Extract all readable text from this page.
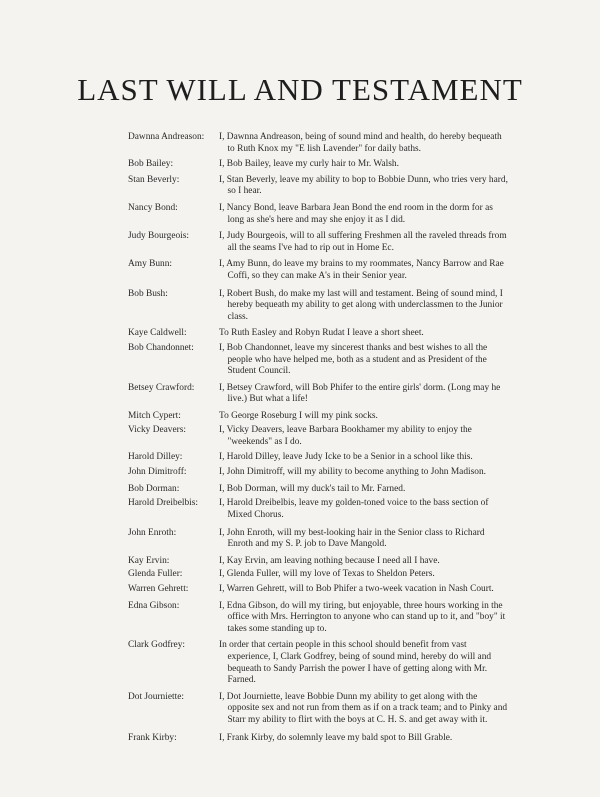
LAST WILL AND TESTAMENT
Dawnna Andreason:	I, Dawnna Andreason, being of sound mind and health, do hereby bequeath to Ruth Knox my "E lish Lavender" for daily baths.
Bob Bailey:	I, Bob Bailey, leave my curly hair to Mr. Walsh.
Stan Beverly:	I, Stan Beverly, leave my ability to bop to Bobbie Dunn, who tries very hard, so I hear.
Nancy Bond:	I, Nancy Bond, leave Barbara Jean Bond the end room in the dorm for as long as she's here and may she enjoy it as I did.
Judy Bourgeois:	I, Judy Bourgeois, will to all suffering Freshmen all the raveled threads from all the seams I've had to rip out in Home Ec.
Amy Bunn:	I, Amy Bunn, do leave my brains to my roommates, Nancy Barrow and Rae Coffi, so they can make A's in their Senior year.
Bob Bush:	I, Robert Bush, do make my last will and testament. Being of sound mind, I hereby bequeath my ability to get along with underclassmen to the Junior class.
Kaye Caldwell:	To Ruth Easley and Robyn Rudat I leave a short sheet.
Bob Chandonnet:	I, Bob Chandonnet, leave my sincerest thanks and best wishes to all the people who have helped me, both as a student and as President of the Student Council.
Betsey Crawford:	I, Betsey Crawford, will Bob Phifer to the entire girls' dorm. (Long may he live.) But what a life!
Mitch Cypert:	To George Roseburg I will my pink socks.
Vicky Deavers:	I, Vicky Deavers, leave Barbara Bookhamer my ability to enjoy the "weekends" as I do.
Harold Dilley:	I, Harold Dilley, leave Judy Icke to be a Senior in a school like this.
John Dimitroff:	I, John Dimitroff, will my ability to become anything to John Madison.
Bob Dorman:	I, Bob Dorman, will my duck's tail to Mr. Farned.
Harold Dreibelbis:	I, Harold Dreibelbis, leave my golden-toned voice to the bass section of Mixed Chorus.
John Enroth:	I, John Enroth, will my best-looking hair in the Senior class to Richard Enroth and my S. P. job to Dave Mangold.
Kay Ervin:	I, Kay Ervin, am leaving nothing because I need all I have.
Glenda Fuller:	I, Glenda Fuller, will my love of Texas to Sheldon Peters.
Warren Gehrett:	I, Warren Gehrett, will to Bob Phifer a two-week vacation in Nash Court.
Edna Gibson:	I, Edna Gibson, do will my tiring, but enjoyable, three hours working in the office with Mrs. Herrington to anyone who can stand up to it, and "boy" it takes some standing up to.
Clark Godfrey:	In order that certain people in this school should benefit from vast experience, I, Clark Godfrey, being of sound mind, hereby do will and bequeath to Sandy Parrish the power I have of getting along with Mr. Farned.
Dot Journiette:	I, Dot Journiette, leave Bobbie Dunn my ability to get along with the opposite sex and not run from them as if on a track team; and to Pinky and Starr my ability to flirt with the boys at C. H. S. and get away with it.
Frank Kirby:	I, Frank Kirby, do solemnly leave my bald spot to Bill Grable.
